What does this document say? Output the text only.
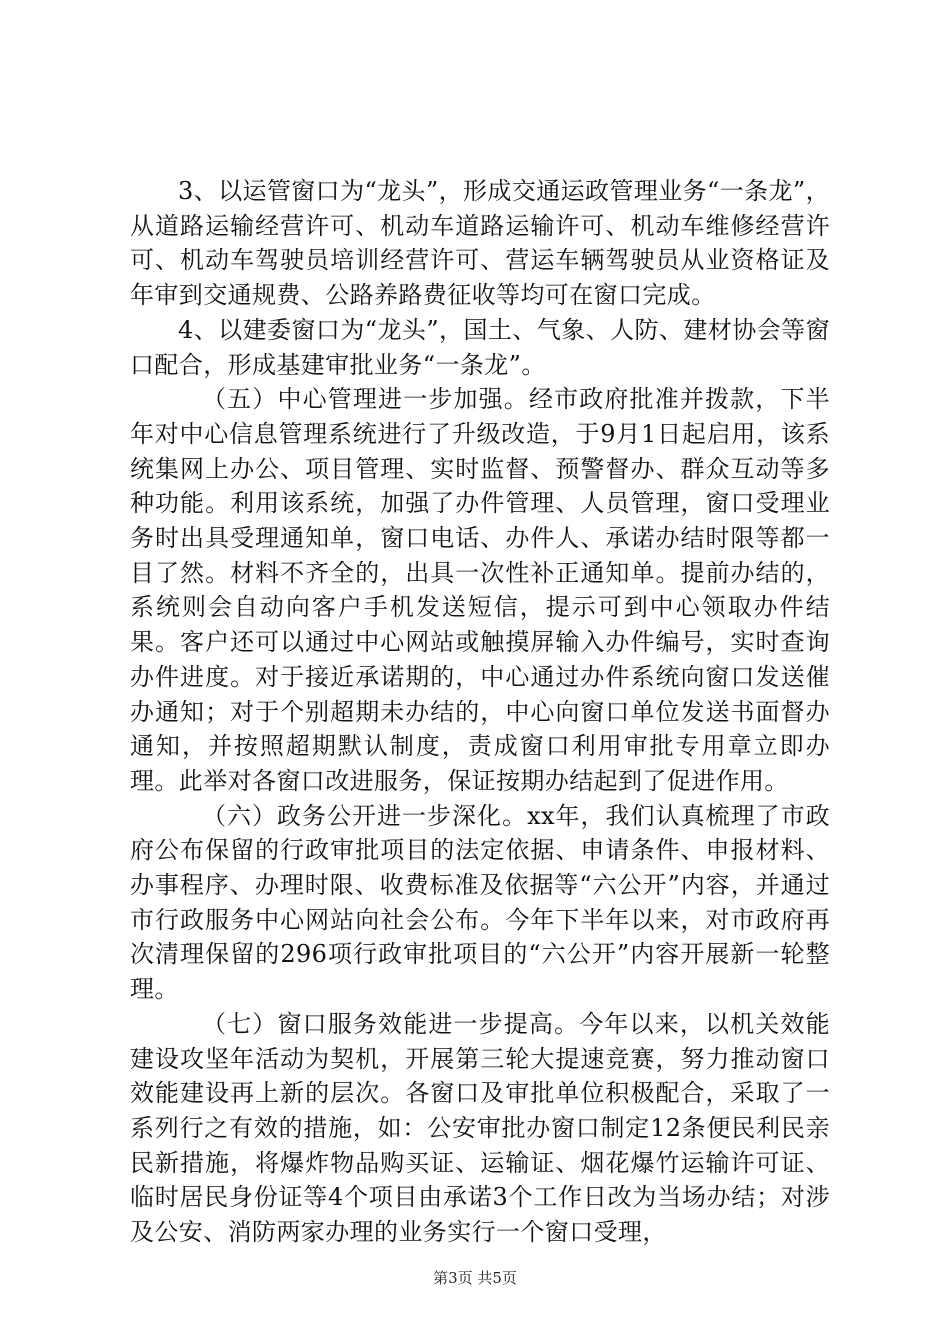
3、以运管窗口为“龙头”，形成交通运政管理业务“一条龙”，从道路运输经营许可、机动车道路运输许可、机动车维修经营许可、机动车驾驶员培训经营许可、营运车辆驾驶员从业资格证及年审到交通规费、公路养路费征收等均可在窗口完成。

4、以建委窗口为“龙头”，国土、气象、人防、建材协会等窗口配合，形成基建审批业务“一条龙”。

（五）中心管理进一步加强。经市政府批准并拨款，下半年对中心信息管理系统进行了升级改造，于9月1日起启用，该系统集网上办公、项目管理、实时监督、预警督办、群众互动等多种功能。利用该系统，加强了办件管理、人员管理，窗口受理业务时出具受理通知单，窗口电话、办件人、承诺办结时限等都一目了然。材料不齐全的，出具一次性补正通知单。提前办结的，系统则会自动向客户手机发送短信，提示可到中心领取办件结果。客户还可以通过中心网站或触摸屏输入办件编号，实时查询办件进度。对于接近承诺期的，中心通过办件系统向窗口发送催办通知；对于个别超期未办结的，中心向窗口单位发送书面督办通知，并按照超期默认制度，责成窗口利用审批专用章立即办理。此举对各窗口改进服务，保证按期办结起到了促进作用。

（六）政务公开进一步深化。xx年，我们认真梳理了市政府公布保留的行政审批项目的法定依据、申请条件、申报材料、办事程序、办理时限、收费标准及依据等“六公开”内容，并通过市行政服务中心网站向社会公布。今年下半年以来，对市政府再次清理保留的296项行政审批项目的“六公开”内容开展新一轮整理。

（七）窗口服务效能进一步提高。今年以来，以机关效能建设攻坚年活动为契机，开展第三轮大提速竞赛，努力推动窗口效能建设再上新的层次。各窗口及审批单位积极配合，采取了一系列行之有效的措施，如：公安审批办窗口制定12条便民利民亲民新措施，将爆炸物品购买证、运输证、烟花爆竹运输许可证、临时居民身份证等4个项目由承诺3个工作日改为当场办结；对涉及公安、消防两家办理的业务实行一个窗口受理，

第3页 共5页
